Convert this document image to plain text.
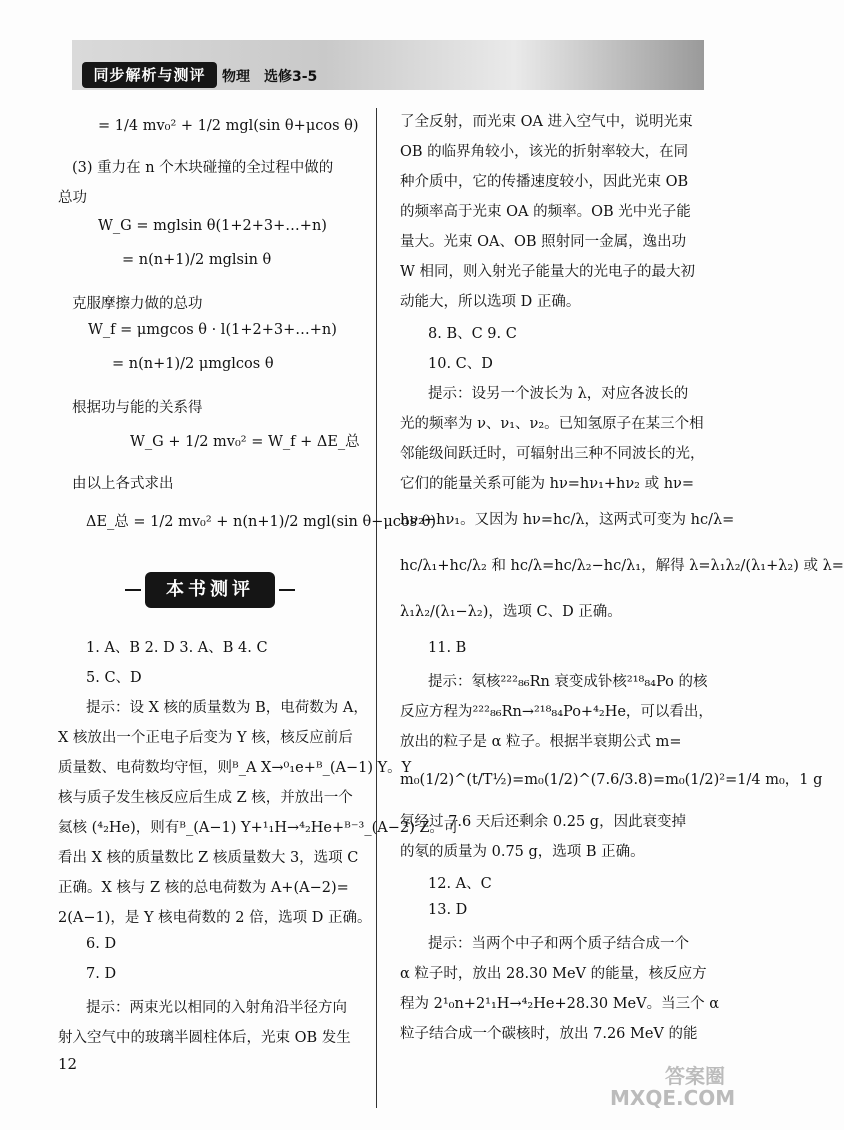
同步解析与测评	物理 选修3-5
= 1/4 mv₀² + 1/2 mgl(sin θ+μcos θ)
(3) 重力在 n 个木块碰撞的全过程中做的
总功
W_G = mglsin θ(1+2+3+…+n)
= n(n+1)/2 mglsin θ
克服摩擦力做的总功
W_f = μmgcos θ · l(1+2+3+…+n)
= n(n+1)/2 μmglcos θ
根据功与能的关系得
W_G + 1/2 mv₀² = W_f + ΔE_总
由以上各式求出
ΔE_总 = 1/2 mv₀² + n(n+1)/2 mgl(sin θ−μcos θ)
1. A、B 2. D 3. A、B 4. C
5. C、D
提示：设 X 核的质量数为 B，电荷数为 A，
X 核放出一个正电子后变为 Y 核，核反应前后
质量数、电荷数均守恒，则ᴮ_A X→⁰₁e+ᴮ_(A−1) Y。Y
核与质子发生核反应后生成 Z 核，并放出一个
氦核 (⁴₂He)，则有ᴮ_(A−1) Y+¹₁H→⁴₂He+ᴮ⁻³_(A−2) Z。可
看出 X 核的质量数比 Z 核质量数大 3，选项 C
正确。X 核与 Z 核的总电荷数为 A+(A−2)=
2(A−1)，是 Y 核电荷数的 2 倍，选项 D 正确。
6. D
7. D
提示：两束光以相同的入射角沿半径方向
射入空气中的玻璃半圆柱体后，光束 OB 发生
本书测评
了全反射，而光束 OA 进入空气中，说明光束
OB 的临界角较小，该光的折射率较大，在同
种介质中，它的传播速度较小，因此光束 OB
的频率高于光束 OA 的频率。OB 光中光子能
量大。光束 OA、OB 照射同一金属，逸出功
W 相同，则入射光子能量大的光电子的最大初
动能大，所以选项 D 正确。
8. B、C 9. C
10. C、D
提示：设另一个波长为 λ，对应各波长的
光的频率为 ν、ν₁、ν₂。已知氢原子在某三个相
邻能级间跃迁时，可辐射出三种不同波长的光，
它们的能量关系可能为 hν=hν₁+hν₂ 或 hν=
hν₂−hν₁。又因为 hν=hc/λ，这两式可变为 hc/λ=
hc/λ₁+hc/λ₂ 和 hc/λ=hc/λ₂−hc/λ₁，解得 λ=λ₁λ₂/(λ₁+λ₂) 或 λ=
λ₁λ₂/(λ₁−λ₂)，选项 C、D 正确。
11. B
提示：氡核²²²₈₆Rn 衰变成钋核²¹⁸₈₄Po 的核
反应方程为²²²₈₆Rn→²¹⁸₈₄Po+⁴₂He，可以看出，
放出的粒子是 α 粒子。根据半衰期公式 m=
m₀(1/2)^(t/T½)=m₀(1/2)^(7.6/3.8)=m₀(1/2)²=1/4 m₀，1 g
氡经过 7.6 天后还剩余 0.25 g，因此衰变掉
的氡的质量为 0.75 g，选项 B 正确。
12. A、C
13. D
提示：当两个中子和两个质子结合成一个
α 粒子时，放出 28.30 MeV 的能量，核反应方
程为 2¹₀n+2¹₁H→⁴₂He+28.30 MeV。当三个 α
粒子结合成一个碳核时，放出 7.26 MeV 的能
12	答案圈
MXQE.COM
